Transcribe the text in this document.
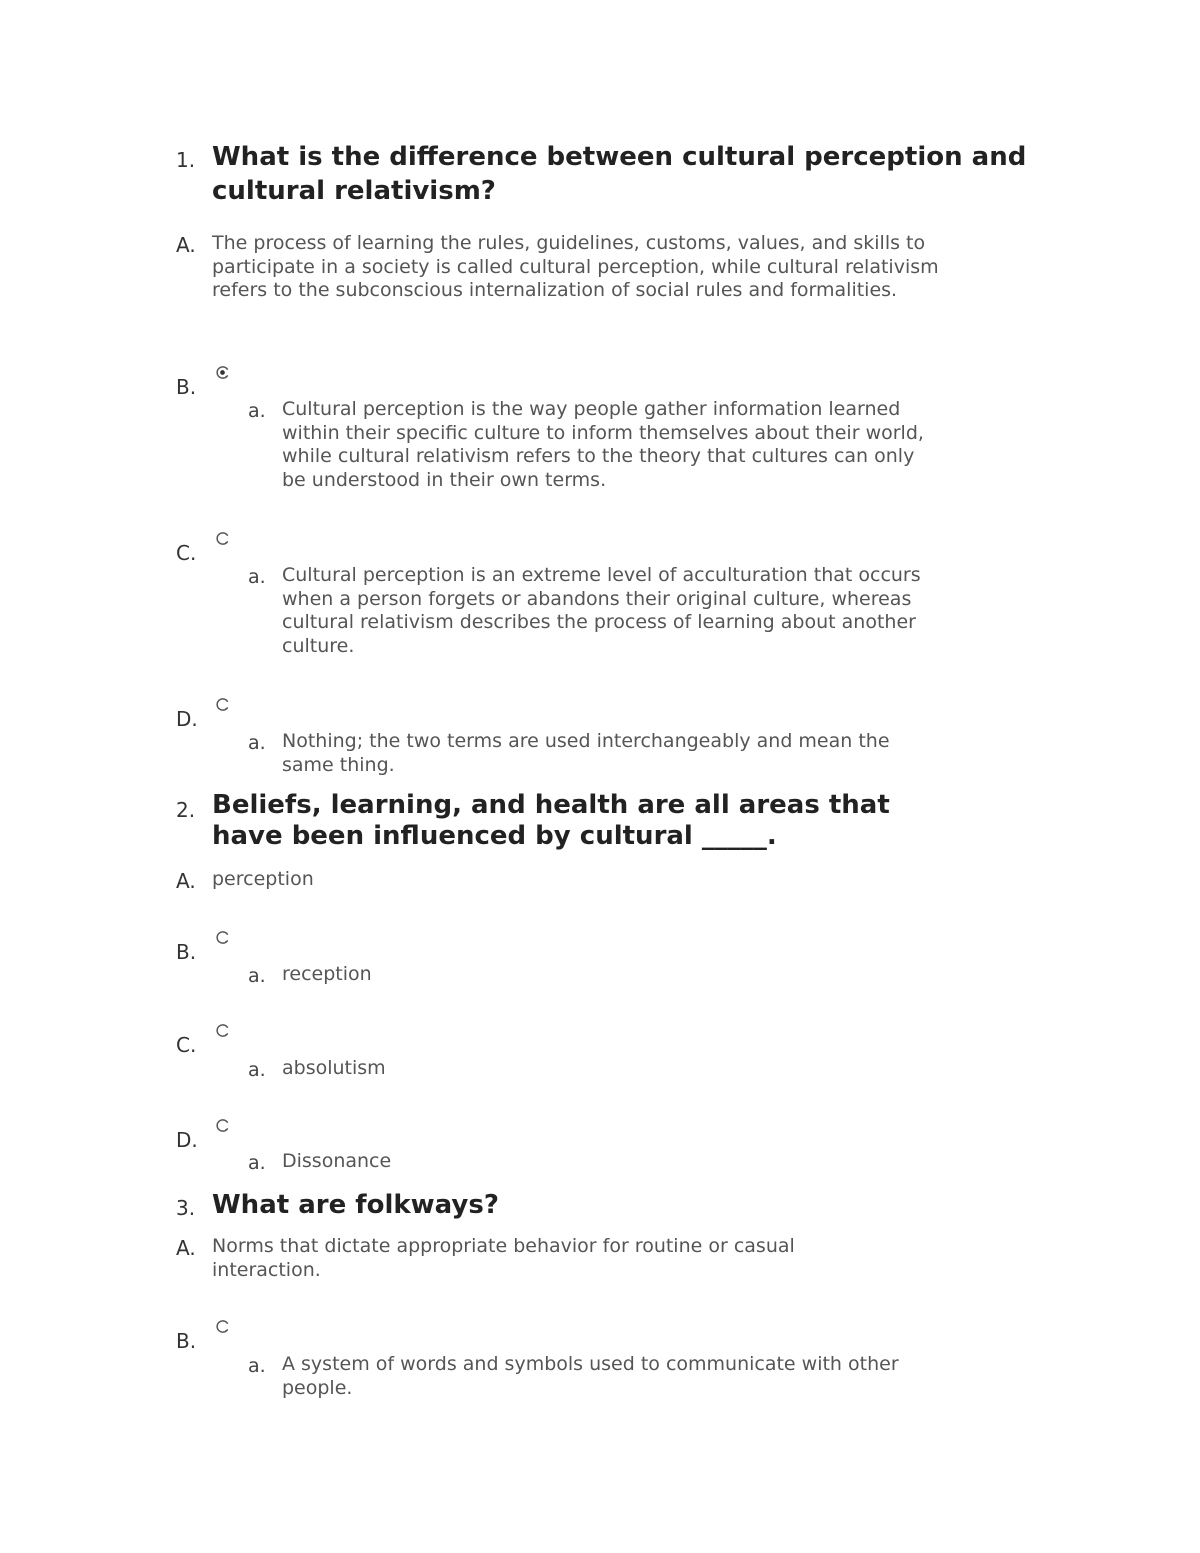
1. What is the difference between cultural perception and cultural relativism?
A. The process of learning the rules, guidelines, customs, values, and skills to participate in a society is called cultural perception, while cultural relativism refers to the subconscious internalization of social rules and formalities.
B.
a. Cultural perception is the way people gather information learned within their specific culture to inform themselves about their world, while cultural relativism refers to the theory that cultures can only be understood in their own terms.
C.
a. Cultural perception is an extreme level of acculturation that occurs when a person forgets or abandons their original culture, whereas cultural relativism describes the process of learning about another culture.
D.
a. Nothing; the two terms are used interchangeably and mean the same thing.
2. Beliefs, learning, and health are all areas that have been influenced by cultural _____.
A. perception
B.
a. reception
C.
a. absolutism
D.
a. Dissonance
3. What are folkways?
A. Norms that dictate appropriate behavior for routine or casual interaction.
B.
a. A system of words and symbols used to communicate with other people.
